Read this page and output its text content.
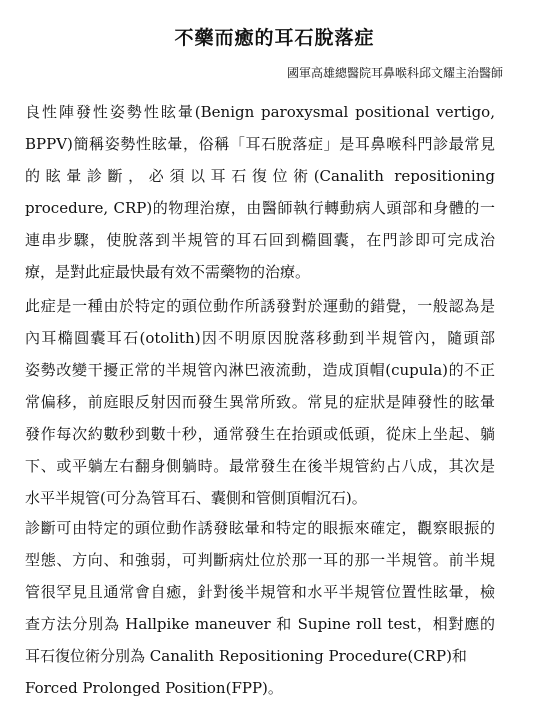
不藥而癒的耳石脫落症
國軍高雄總醫院耳鼻喉科邱文耀主治醫師
良性陣發性姿勢性眩暈(Benign paroxysmal positional vertigo,
BPPV)簡稱姿勢性眩暈，俗稱「耳石脫落症」是耳鼻喉科門診最常見
的眩暈診斷，必須以耳石復位術(Canalith repositioning
procedure, CRP)的物理治療，由醫師執行轉動病人頭部和身體的一
連串步驟，使脫落到半規管的耳石回到橢圓囊，在門診即可完成治
療，是對此症最快最有效不需藥物的治療。
此症是一種由於特定的頭位動作所誘發對於運動的錯覺，一般認為是
內耳橢圓囊耳石(otolith)因不明原因脫落移動到半規管內，隨頭部
姿勢改變干擾正常的半規管內淋巴液流動，造成頂帽(cupula)的不正
常偏移，前庭眼反射因而發生異常所致。常見的症狀是陣發性的眩暈
發作每次約數秒到數十秒，通常發生在抬頭或低頭，從床上坐起、躺
下、或平躺左右翻身側躺時。最常發生在後半規管約占八成，其次是
水平半規管(可分為管耳石、囊側和管側頂帽沉石)。
診斷可由特定的頭位動作誘發眩暈和特定的眼振來確定，觀察眼振的
型態、方向、和強弱，可判斷病灶位於那一耳的那一半規管。前半規
管很罕見且通常會自癒，針對後半規管和水平半規管位置性眩暈，檢
查方法分別為 Hallpike maneuver 和 Supine roll test，相對應的
耳石復位術分別為 Canalith Repositioning Procedure(CRP)和
Forced Prolonged Position(FPP)。
